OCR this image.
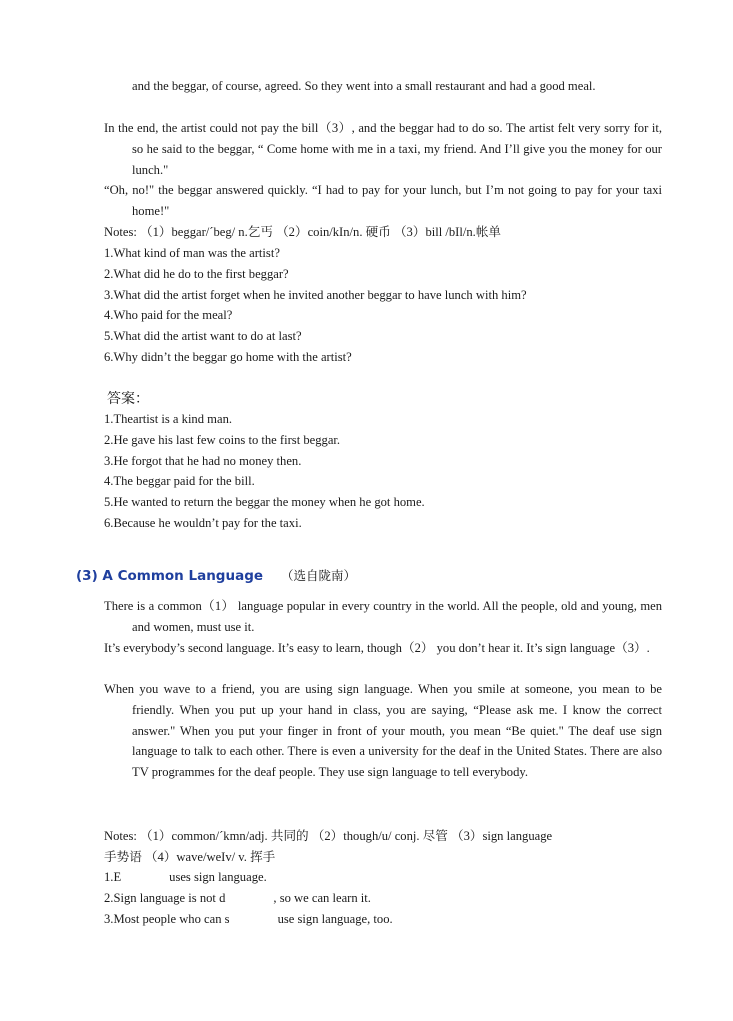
and the beggar, of course, agreed. So they went into a small restaurant and had a good meal.

In the end, the artist could not pay the bill（3）, and the beggar had to do so. The artist felt very sorry for it, so he said to the beggar, “ Come home with me in a taxi, my friend. And I’ll give you the money for our lunch."

“Oh, no!" the beggar answered quickly. “I had to pay for your lunch, but I’m not going to pay for your taxi home!"

Notes: （1）beggar/ˊbeg/ n.乞丐 （2）coin/kIn/n. 硬币 （3）bill /bIl/n.帐单
1.What kind of man was the artist?
2.What did he do to the first beggar?
3.What did the artist forget when he invited another beggar to have lunch with him?
4.Who paid for the meal?
5.What did the artist want to do at last?
6.Why didn’t the beggar go home with the artist?
答案：
1.Theartist is a kind man.
2.He gave his last few coins to the first beggar.
3.He forgot that he had no money then.
4.The beggar paid for the bill.
5.He wanted to return the beggar the money when he got home.
6.Because he wouldn’t pay for the taxi.
(3) A Common Language （选自陇南）

There is a common（1） language popular in every country in the world. All the people, old and young, men and women, must use it.

It’s everybody’s second language. It’s easy to learn, though（2） you don’t hear it. It’s sign language（3）.

When you wave to a friend, you are using sign language. When you smile at someone, you mean to be friendly. When you put up your hand in class, you are saying, “Please ask me. I know the correct answer." When you put your finger in front of your mouth, you mean “Be quiet." The deaf use sign language to talk to each other. There is even a university for the deaf in the United States. There are also TV programmes for the deaf people. They use sign language to tell everybody.

Notes: （1）common/ˊkmn/adj. 共同的 （2）though/u/ conj. 尽管 （3）sign language
手势语 （4）wave/weIv/ v. 挥手
1.E	uses sign language.
2.Sign language is not d	, so we can learn it.
3.Most people who can s	use sign language, too.
